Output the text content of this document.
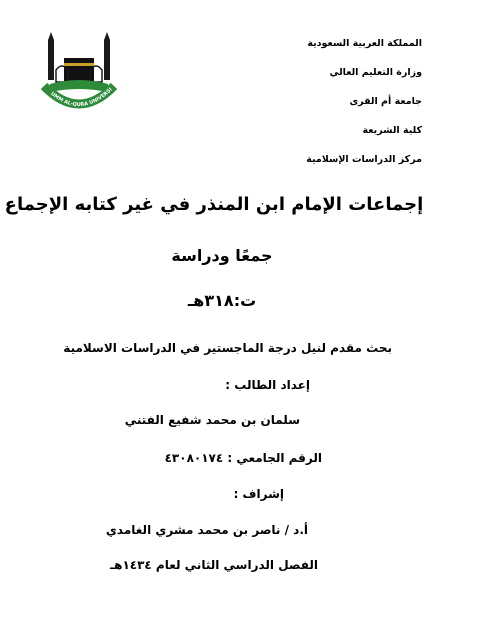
المملكة العربية السعودية
وزارة التعليم العالي
جامعة أم القرى
كلية الشريعة
مركز الدراسات الإسلامية
UMM AL-QURA UNIVERSI
إجماعات الإمام ابن المنذر في غير كتابه الإجماع
جمعًا ودراسة
ت:٣١٨هـ
بحث مقدم لنيل درجة الماجستير في الدراسات الاسلامية
إعداد الطالب :
سلمان بن محمد شفيع الفتني
الرقم الجامعي : ٤٣٠٨٠١٧٤
إشراف :
أ.د / ناصر بن محمد مشري الغامدي
الفصل الدراسي الثاني لعام ١٤٣٤هـ
